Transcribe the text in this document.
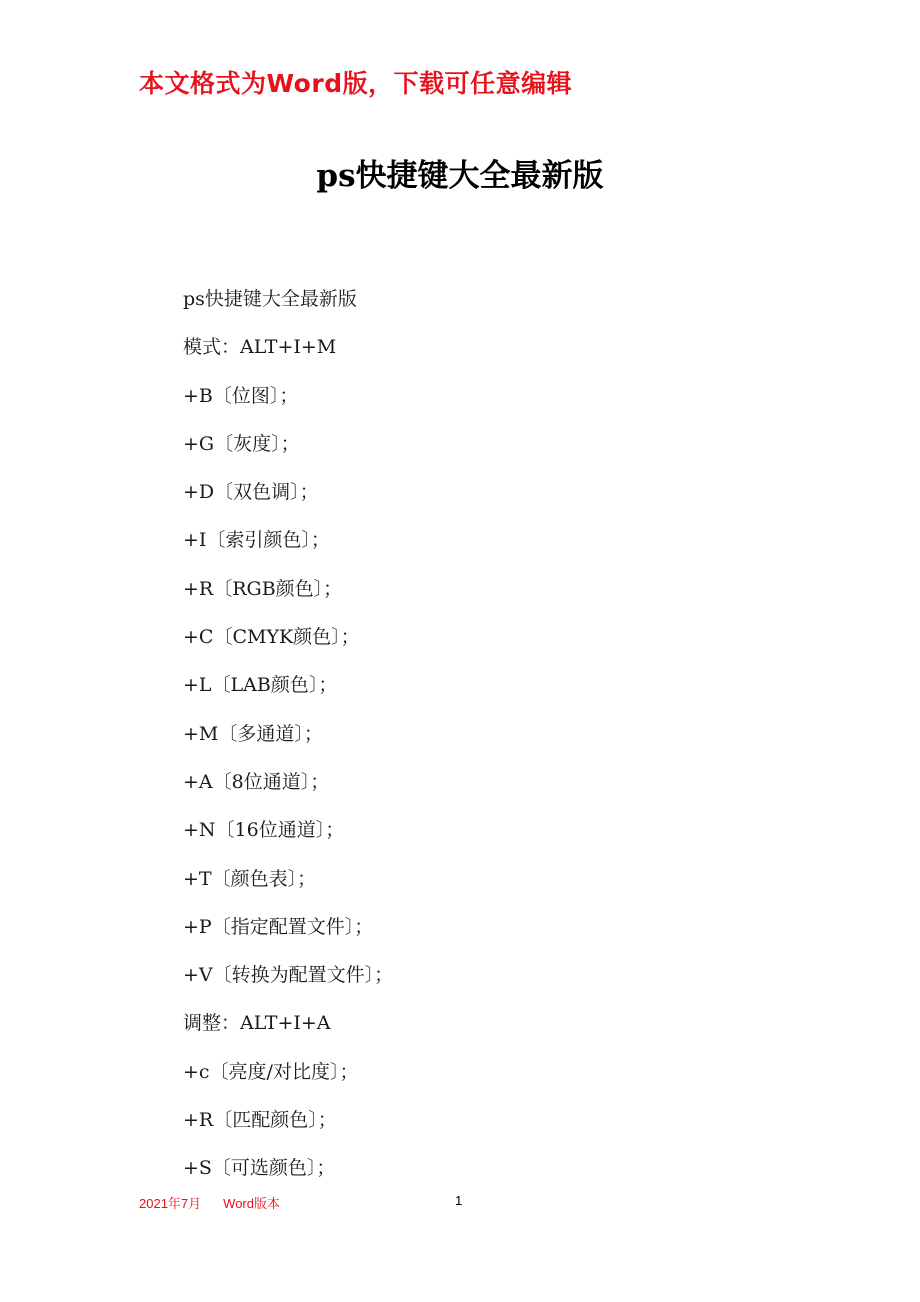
本文格式为Word版，下载可任意编辑
ps快捷键大全最新版
ps快捷键大全最新版
模式：ALT+I+M
+B〔位图〕；
+G〔灰度〕；
+D〔双色调〕；
+I〔索引颜色〕；
+R〔RGB颜色〕；
+C〔CMYK颜色〕；
+L〔LAB颜色〕；
+M〔多通道〕；
+A〔8位通道〕；
+N〔16位通道〕；
+T〔颜色表〕；
+P〔指定配置文件〕；
+V〔转换为配置文件〕；
调整：ALT+I+A
+c〔亮度/对比度〕；
+R〔匹配颜色〕；
+S〔可选颜色〕；
2021年7月 Word版本	1
